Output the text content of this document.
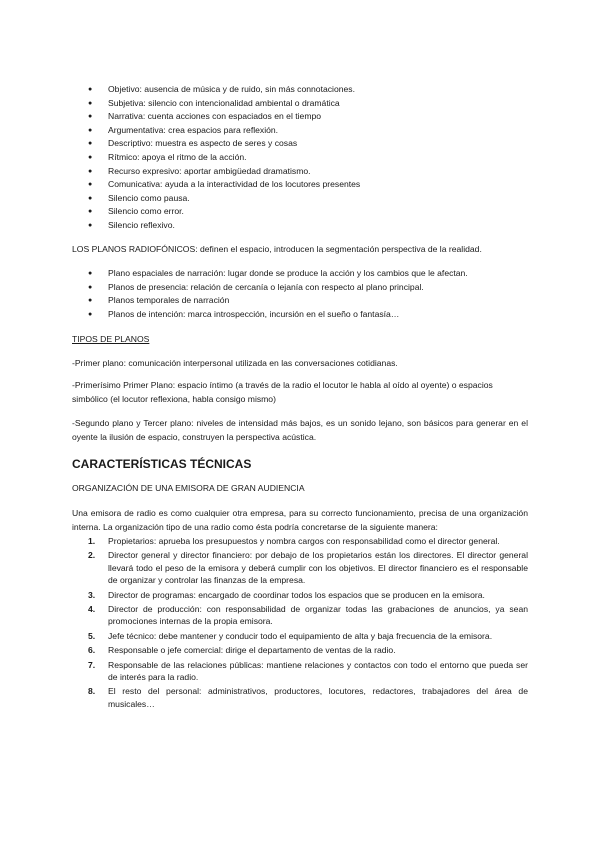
● Objetivo: ausencia de música y de ruido, sin más connotaciones.
● Subjetiva: silencio con intencionalidad ambiental o dramática
● Narrativa: cuenta acciones con espaciados en el tiempo
● Argumentativa: crea espacios para reflexión.
● Descriptivo: muestra es aspecto de seres y cosas
● Rítmico: apoya el ritmo de la acción.
● Recurso expresivo: aportar ambigüedad dramatismo.
● Comunicativa: ayuda a la interactividad de los locutores presentes
● Silencio como pausa.
● Silencio como error.
● Silencio reflexivo.

LOS PLANOS RADIOFÓNICOS: definen el espacio, introducen la segmentación perspectiva de la realidad.

● Plano espaciales de narración: lugar donde se produce la acción y los cambios que le afectan.
● Planos de presencia: relación de cercanía o lejanía con respecto al plano principal.
● Planos temporales de narración
● Planos de intención: marca introspección, incursión en el sueño o fantasía…

TIPOS DE PLANOS

-Primer plano: comunicación interpersonal utilizada en las conversaciones cotidianas.

-Primerísimo Primer Plano: espacio íntimo (a través de la radio el locutor le habla al oído al oyente) o espacios simbólico (el locutor reflexiona, habla consigo mismo)

-Segundo plano y Tercer plano: niveles de intensidad más bajos, es un sonido lejano, son básicos para generar en el oyente la ilusión de espacio, construyen la perspectiva acústica.

CARACTERÍSTICAS TÉCNICAS

ORGANIZACIÓN DE UNA EMISORA DE GRAN AUDIENCIA

Una emisora de radio es como cualquier otra empresa, para su correcto funcionamiento, precisa de una organización interna. La organización tipo de una radio como ésta podría concretarse de la siguiente manera:

1. Propietarios: aprueba los presupuestos y nombra cargos con responsabilidad como el director general.
2. Director general y director financiero: por debajo de los propietarios están los directores. El director general llevará todo el peso de la emisora y deberá cumplir con los objetivos. El director financiero es el responsable de organizar y controlar las finanzas de la empresa.
3. Director de programas: encargado de coordinar todos los espacios que se producen en la emisora.
4. Director de producción: con responsabilidad de organizar todas las grabaciones de anuncios, ya sean promociones internas de la propia emisora.
5. Jefe técnico: debe mantener y conducir todo el equipamiento de alta y baja frecuencia de la emisora.
6. Responsable o jefe comercial: dirige el departamento de ventas de la radio.
7. Responsable de las relaciones públicas: mantiene relaciones y contactos con todo el entorno que pueda ser de interés para la radio.
8. El resto del personal: administrativos, productores, locutores, redactores, trabajadores del área de musicales…
